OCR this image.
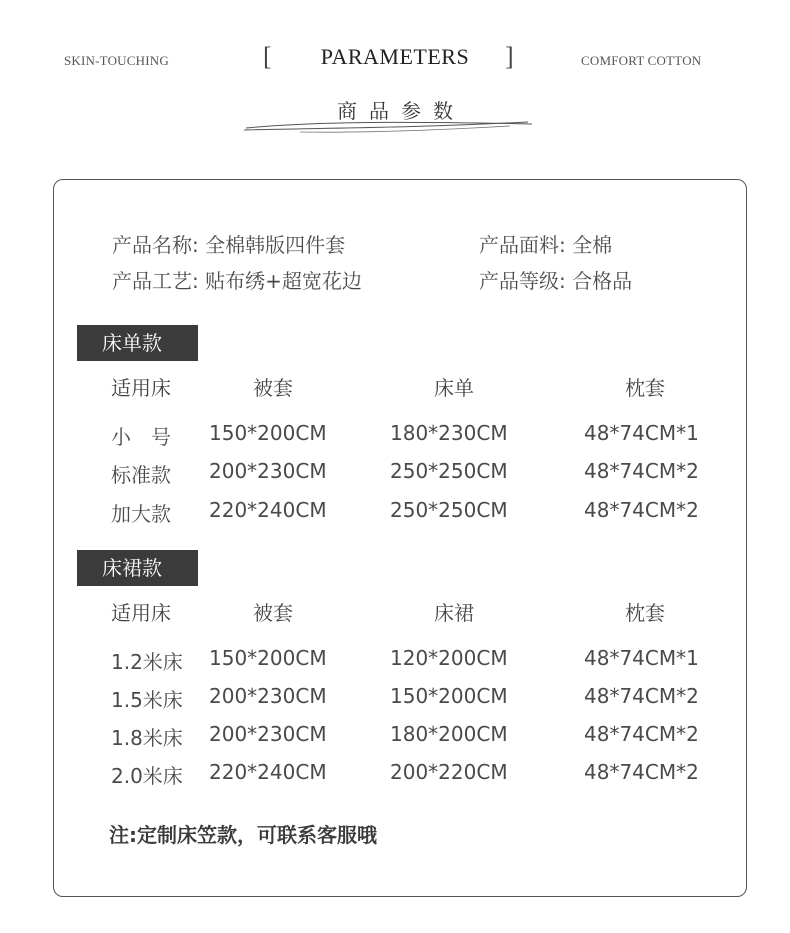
SKIN-TOUCHING	[	PARAMETERS	]	COMFORT COTTON
商品参数
产品名称: 全棉韩版四件套	产品面料: 全棉
产品工艺: 贴布绣+超宽花边	产品等级: 合格品
床单款
适用床	被套	床单	枕套
小　号 150*200CM	180*230CM	48*74CM*1
标准款 200*230CM	250*250CM	48*74CM*2
加大款 220*240CM	250*250CM	48*74CM*2
床裙款
适用床	被套	床裙	枕套
1.2米床 150*200CM	120*200CM	48*74CM*1
1.5米床 200*230CM	150*200CM	48*74CM*2
1.8米床 200*230CM	180*200CM	48*74CM*2
2.0米床 220*240CM	200*220CM	48*74CM*2
注:定制床笠款，可联系客服哦
